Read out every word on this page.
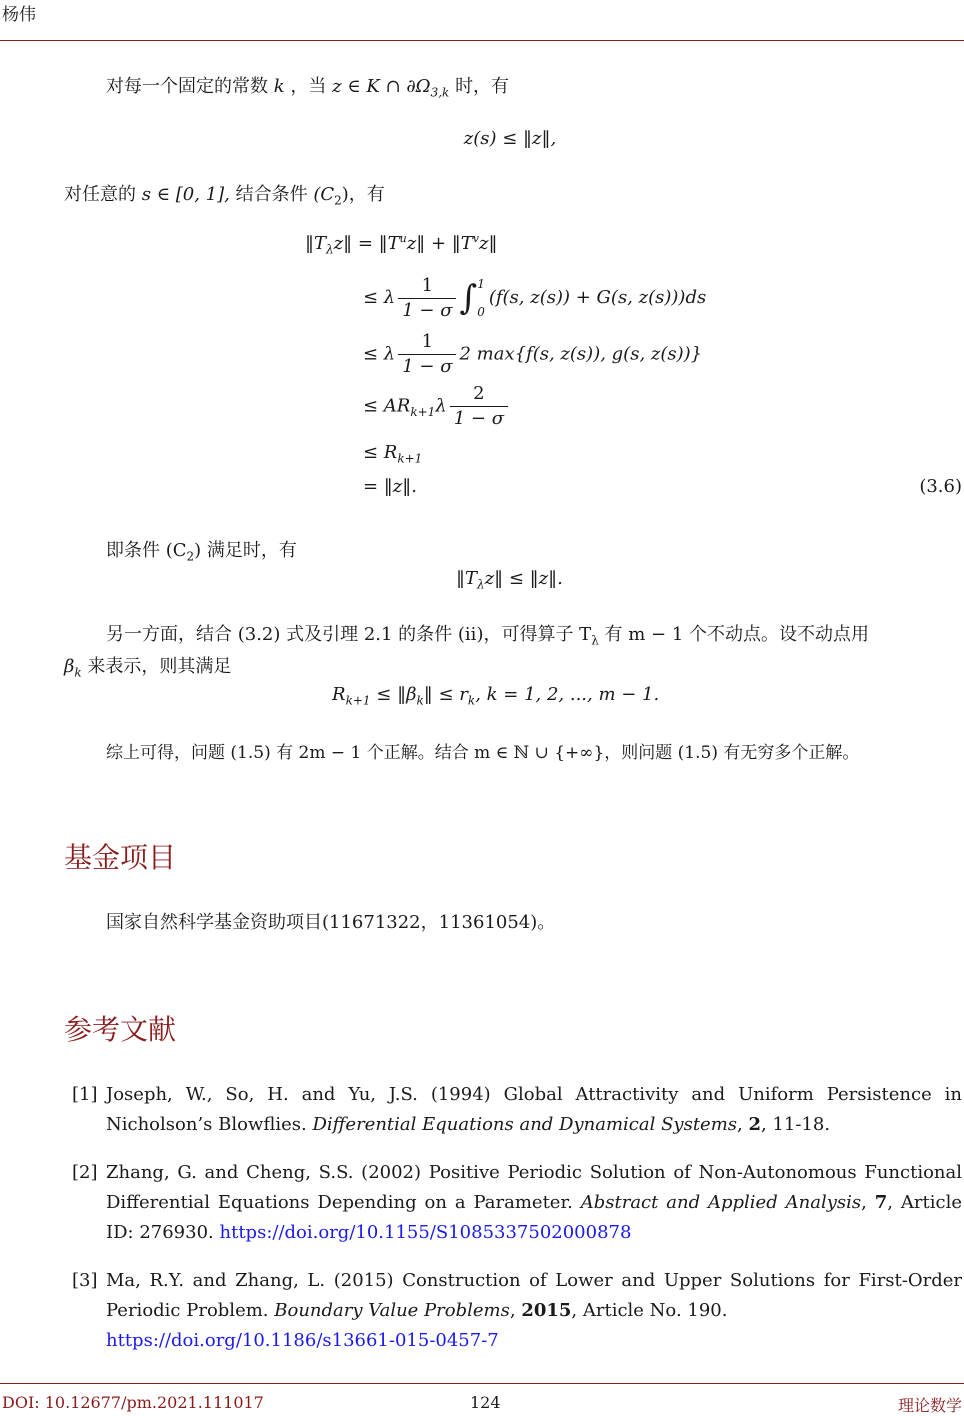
杨伟
对每一个固定的常数 k ，当 z ∈ K ∩ $\partial\Omega_{3,k}$ 时，有
z(s) ≤ ‖z‖,
对任意的 s ∈ [0, 1], 结合条件 $(C_2)$，有
$‖T_\lambda z‖$ = $‖T^uz‖$ + $‖T^vz‖$
≤ λ $\frac{1}{1 - \sigma}$ ∫ 1
0
(f(s, z(s)) + G(s, z(s)))ds
≤ λ $\frac{1}{1 - \sigma} 2$ max{f(s, z(s)), g(s, z(s))}
≤ $AR_{k+1}\lambda \frac{2}{1 - \sigma}$
≤ $R_{k+1}$
= ‖z‖.	(3.6)
即条件 $(C_2)$ 满足时，有
$‖T_\lambda z‖$ ≤ ‖z‖.
另一方面，结合 (3.2) 式及引理 2.1 的条件 (ii)，可得算子 $T_\lambda$ 有 m − 1 个不动点。设不动点用
$\beta_k$ 来表示，则其满足
$R_{k+1}$ ≤ $‖\beta_k‖ \le r_k$, k = 1, 2, ..., m − 1.
综上可得，问题 (1.5) 有 2m − 1 个正解。结合 m ∈ ℕ ∪ {+∞}，则问题 (1.5) 有无穷多个正解。
基金项目
国家自然科学基金资助项目(11671322，11361054)。
参考文献
[1] Joseph, W., So, H. and Yu, J.S. (1994) Global Attractivity and Uniform Persistence in Nicholson’s Blowflies. Differential Equations and Dynamical Systems, 2, 11-18.
[2] Zhang, G. and Cheng, S.S. (2002) Positive Periodic Solution of Non-Autonomous Functional Differential Equations Depending on a Parameter. Abstract and Applied Analysis, 7, Article ID: 276930. https://doi.org/10.1155/S1085337502000878
[3] Ma, R.Y. and Zhang, L. (2015) Construction of Lower and Upper Solutions for First-Order Periodic Problem. Boundary Value Problems, 2015, Article No. 190.
https://doi.org/10.1186/s13661-015-0457-7
DOI: 10.12677/pm.2021.111017	124	理论数学
